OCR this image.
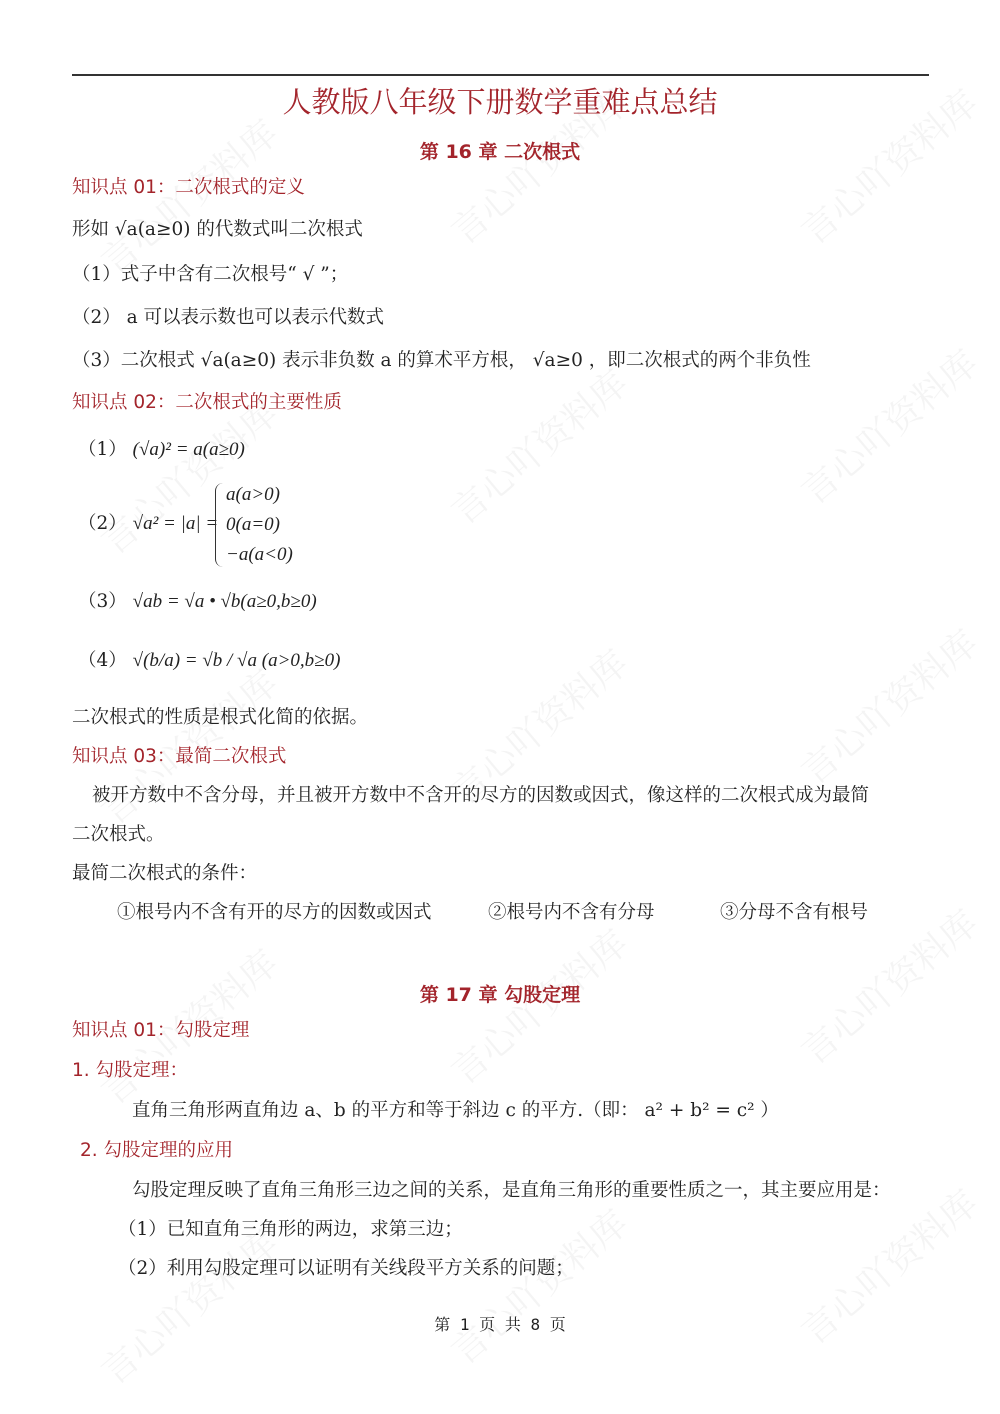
人教版八年级下册数学重难点总结
第 16 章 二次根式
知识点 01：二次根式的定义
形如 √a(a≥0) 的代数式叫二次根式
（1）式子中含有二次根号“ √ ”；
（2） a 可以表示数也可以表示代数式
（3）二次根式 √a(a≥0) 表示非负数 a 的算术平方根， √a≥0 ，即二次根式的两个非负性
知识点 02：二次根式的主要性质
（1） (√a)² = a(a≥0)
（2） √a² = |a| =
a(a>0)
0(a=0)
−a(a<0)
（3） √ab = √a • √b(a≥0,b≥0)
（4） √(b/a) = √b / √a (a>0,b≥0)
二次根式的性质是根式化简的依据。
知识点 03：最简二次根式
被开方数中不含分母，并且被开方数中不含开的尽方的因数或因式，像这样的二次根式成为最简
二次根式。
最简二次根式的条件：
①根号内不含有开的尽方的因数或因式	②根号内不含有分母	③分母不含有根号
第 17 章 勾股定理
知识点 01：勾股定理
1. 勾股定理：
直角三角形两直角边 a、b 的平方和等于斜边 c 的平方.（即： a² + b² = c² ）
2. 勾股定理的应用
勾股定理反映了直角三角形三边之间的关系，是直角三角形的重要性质之一，其主要应用是：
（1）已知直角三角形的两边，求第三边；
（2）利用勾股定理可以证明有关线段平方关系的问题；
第 1 页 共 8 页
